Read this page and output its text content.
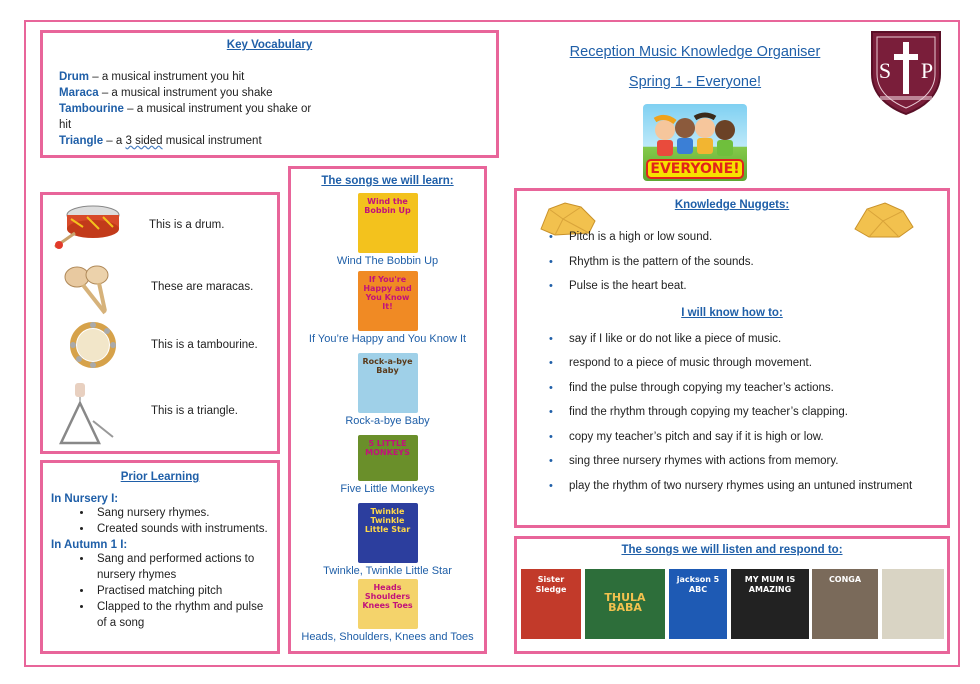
Key Vocabulary
Drum – a musical instrument you hit
Maraca – a musical instrument you shake
Tambourine – a musical instrument you shake or hit
Triangle – a 3 sided musical instrument
Reception Music Knowledge Organiser
Spring 1 - Everyone!	S P
EVERYONE!
This is a drum.
These are maracas.
This is a tambourine.
This is a triangle.
Prior Learning
In Nursery I:
• Sang nursery rhymes.
• Created sounds with instruments.
In Autumn 1 I:
• Sang and performed actions to nursery rhymes
• Practised matching pitch
• Clapped to the rhythm and pulse of a song
The songs we will learn:
Wind the Bobbin Up
Wind The Bobbin Up
If You're Happy and You Know It!
If You’re Happy and You Know It
Rock-a-bye Baby
Rock-a-bye Baby
5 LITTLE MONKEYS
Five Little Monkeys
Twinkle Twinkle Little Star
Twinkle, Twinkle Little Star
Heads Shoulders Knees Toes
Heads, Shoulders, Knees and Toes
Knowledge Nuggets:
• Pitch is a high or low sound.
• Rhythm is the pattern of the sounds.
• Pulse is the heart beat.
I will know how to:
• say if I like or do not like a piece of music.
• respond to a piece of music through movement.
• find the pulse through copying my teacher’s actions.
• find the rhythm through copying my teacher’s clapping.
• copy my teacher’s pitch and say if it is high or low.
• sing three nursery rhymes with actions from memory.
• play the rhythm of two nursery rhymes using an untuned instrument
The songs we will listen and respond to:
Sister Sledge
THULA BABA
jackson 5 ABC
MY MUM IS AMAZING
CONGA
